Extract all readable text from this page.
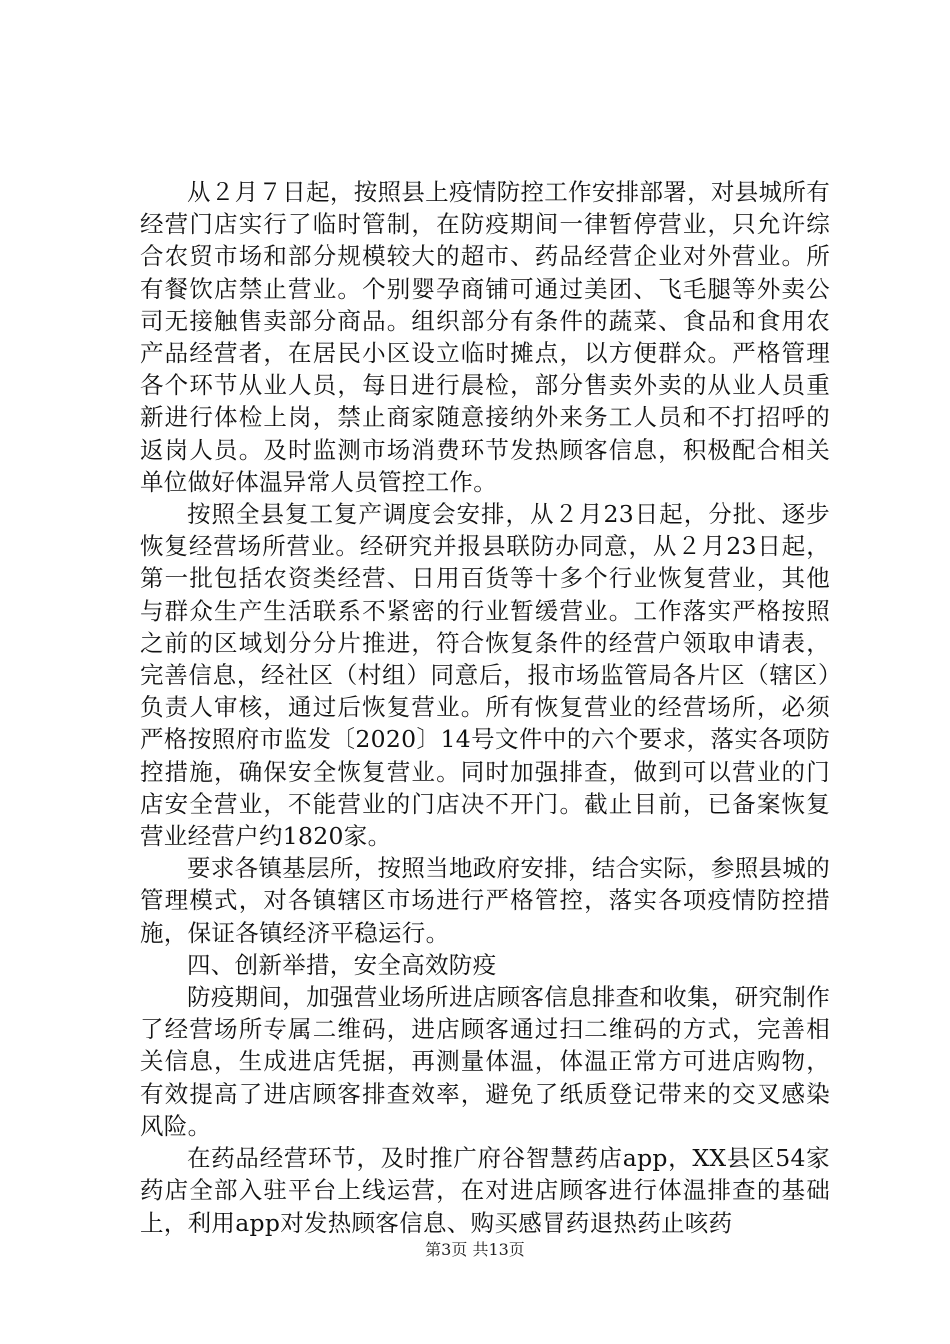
从２月７日起，按照县上疫情防控工作安排部署，对县城所有经营门店实行了临时管制，在防疫期间一律暂停营业，只允许综合农贸市场和部分规模较大的超市、药品经营企业对外营业。所有餐饮店禁止营业。个别婴孕商铺可通过美团、飞毛腿等外卖公司无接触售卖部分商品。组织部分有条件的蔬菜、食品和食用农产品经营者，在居民小区设立临时摊点，以方便群众。严格管理各个环节从业人员，每日进行晨检，部分售卖外卖的从业人员重新进行体检上岗，禁止商家随意接纳外来务工人员和不打招呼的返岗人员。及时监测市场消费环节发热顾客信息，积极配合相关单位做好体温异常人员管控工作。

按照全县复工复产调度会安排，从２月23日起，分批、逐步恢复经营场所营业。经研究并报县联防办同意，从２月23日起，第一批包括农资类经营、日用百货等十多个行业恢复营业，其他与群众生产生活联系不紧密的行业暂缓营业。工作落实严格按照之前的区域划分分片推进，符合恢复条件的经营户领取申请表，完善信息，经社区（村组）同意后，报市场监管局各片区（辖区）负责人审核，通过后恢复营业。所有恢复营业的经营场所，必须严格按照府市监发〔2020〕14号文件中的六个要求，落实各项防控措施，确保安全恢复营业。同时加强排查，做到可以营业的门店安全营业，不能营业的门店决不开门。截止目前，已备案恢复营业经营户约1820家。

要求各镇基层所，按照当地政府安排，结合实际，参照县城的管理模式，对各镇辖区市场进行严格管控，落实各项疫情防控措施，保证各镇经济平稳运行。

四、创新举措，安全高效防疫

防疫期间，加强营业场所进店顾客信息排查和收集，研究制作了经营场所专属二维码，进店顾客通过扫二维码的方式，完善相关信息，生成进店凭据，再测量体温，体温正常方可进店购物，有效提高了进店顾客排查效率，避免了纸质登记带来的交叉感染风险。

在药品经营环节，及时推广府谷智慧药店app，XX县区54家药店全部入驻平台上线运营，在对进店顾客进行体温排查的基础上，利用app对发热顾客信息、购买感冒药退热药止咳药

第3页 共13页
